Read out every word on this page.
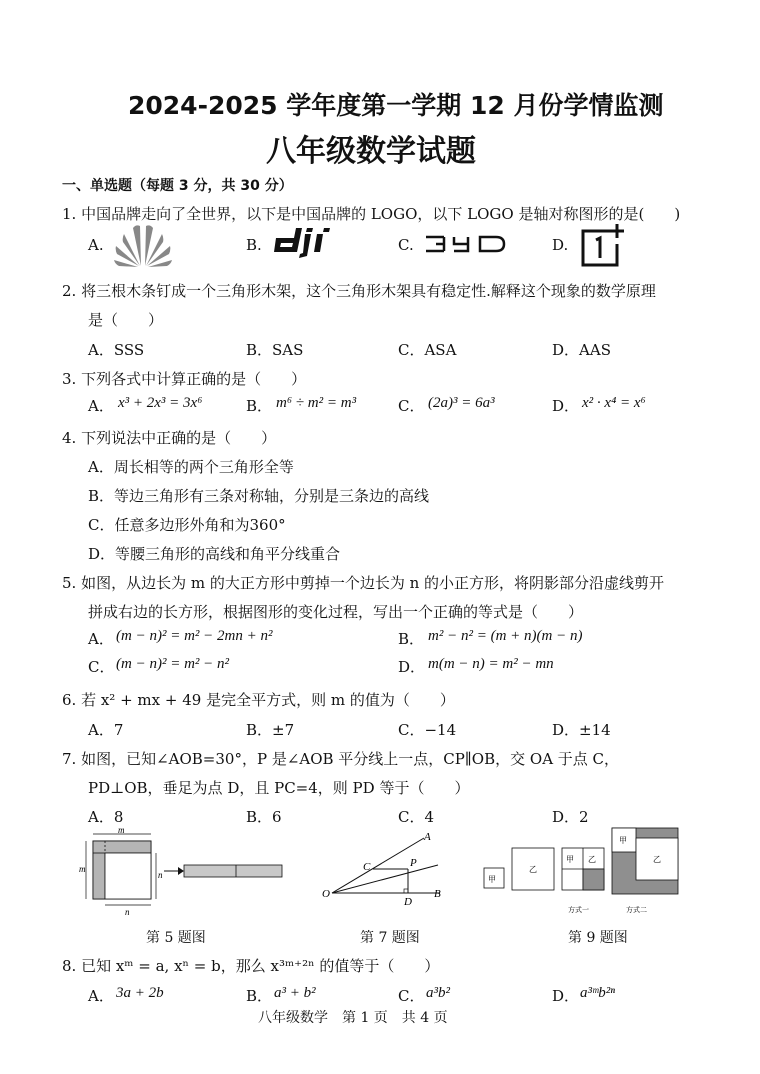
2024-2025 学年度第一学期 12 月份学情监测
八年级数学试题
一、单选题（每题 3 分，共 30 分）
1. 中国品牌走向了全世界，以下是中国品牌的 LOGO，以下 LOGO 是轴对称图形的是(　　)
A.	B.	C.	D.
2. 将三根木条钉成一个三角形木架，这个三角形木架具有稳定性.解释这个现象的数学原理
是（　　）
A．SSS	B．SAS	C．ASA	D．AAS
3. 下列各式中计算正确的是（　　）
A． x³ + 2x³ = 3x⁶	B． m⁶ ÷ m² = m³	C． (2a)³ = 6a³	D． x² · x⁴ = x⁶
4. 下列说法中正确的是（　　）
A．周长相等的两个三角形全等
B．等边三角形有三条对称轴，分别是三条边的高线
C．任意多边形外角和为360°
D．等腰三角形的高线和角平分线重合
5. 如图，从边长为 m 的大正方形中剪掉一个边长为 n 的小正方形，将阴影部分沿虚线剪开
拼成右边的长方形，根据图形的变化过程，写出一个正确的等式是（　　）
A． (m − n)² = m² − 2mn + n²	B． m² − n² = (m + n)(m − n)
C． (m − n)² = m² − n²	D． m(m − n) = m² − mn
6. 若 x² + mx + 49 是完全平方式，则 m 的值为（　　）
A．7	B．±7	C．−14	D．±14
7. 如图，已知∠AOB=30°，P 是∠AOB 平分线上一点，CP∥OB，交 OA 于点 C，
PD⊥OB，垂足为点 D，且 PC=4，则 PD 等于（　　）
A．8	B．6	C．4	D．2
m
m
n
n
第 5 题图
A
C	P
O
D
B
第 7 题图
甲
乙
甲 乙
甲
乙
方式一	方式二
第 9 题图
8. 已知 xᵐ = a, xⁿ = b，那么 x³ᵐ⁺²ⁿ 的值等于（　　）
A． 3a + 2b	B． a³ + b²	C． a³b²	D． a³ᵐb²ⁿ
八年级数学　第 1 页　共 4 页
